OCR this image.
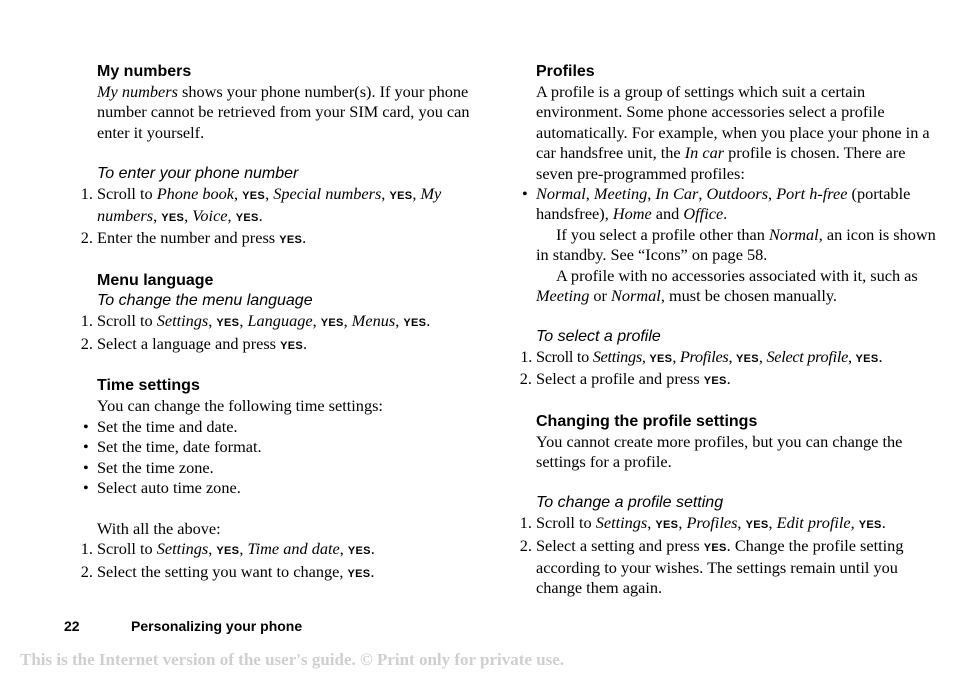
My numbers
My numbers shows your phone number(s). If your phone number cannot be retrieved from your SIM card, you can enter it yourself.
To enter your phone number
1. Scroll to Phone book, YES, Special numbers, YES, My numbers, YES, Voice, YES.
2. Enter the number and press YES.
Menu language
To change the menu language
1. Scroll to Settings, YES, Language, YES, Menus, YES.
2. Select a language and press YES.
Time settings
You can change the following time settings:
• Set the time and date.
• Set the time, date format.
• Set the time zone.
• Select auto time zone.
With all the above:
1. Scroll to Settings, YES, Time and date, YES.
2. Select the setting you want to change, YES.
Profiles
A profile is a group of settings which suit a certain environment. Some phone accessories select a profile automatically. For example, when you place your phone in a car handsfree unit, the In car profile is chosen. There are seven pre-programmed profiles:
• Normal, Meeting, In Car, Outdoors, Port h-free (portable handsfree), Home and Office.
If you select a profile other than Normal, an icon is shown in standby. See “Icons” on page 58.
A profile with no accessories associated with it, such as Meeting or Normal, must be chosen manually.
To select a profile
1. Scroll to Settings, YES, Profiles, YES, Select profile, YES.
2. Select a profile and press YES.
Changing the profile settings
You cannot create more profiles, but you can change the settings for a profile.
To change a profile setting
1. Scroll to Settings, YES, Profiles, YES, Edit profile, YES.
2. Select a setting and press YES. Change the profile setting according to your wishes. The settings remain until you change them again.
22	Personalizing your phone
This is the Internet version of the user's guide. © Print only for private use.
